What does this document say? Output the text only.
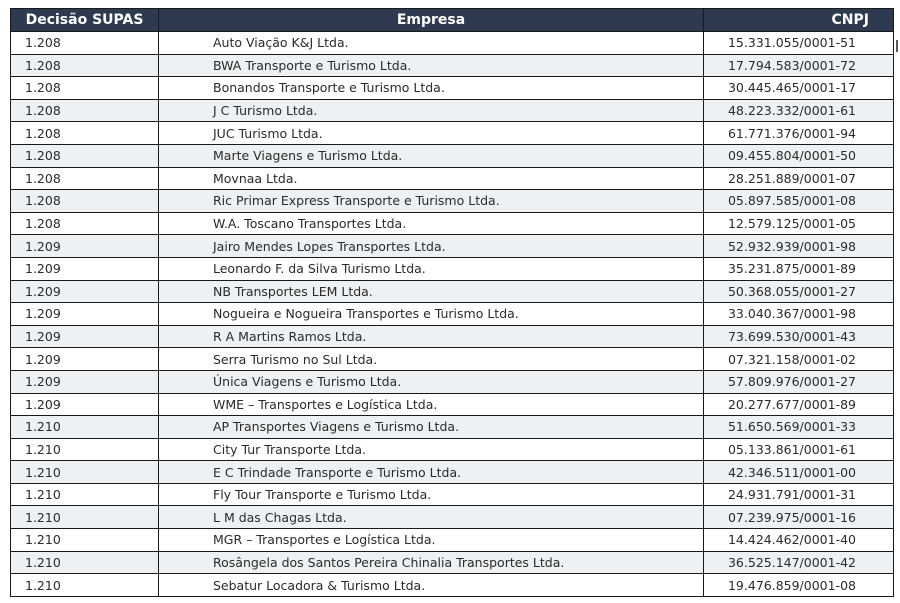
Decisão SUPAS	Empresa	CNPJ
1.208	Auto Viação K&J Ltda.	15.331.055/0001-51
1.208	BWA Transporte e Turismo Ltda.	17.794.583/0001-72
1.208	Bonandos Transporte e Turismo Ltda.	30.445.465/0001-17
1.208	J C Turismo Ltda.	48.223.332/0001-61
1.208	JUC Turismo Ltda.	61.771.376/0001-94
1.208	Marte Viagens e Turismo Ltda.	09.455.804/0001-50
1.208	Movnaa Ltda.	28.251.889/0001-07
1.208	Ric Primar Express Transporte e Turismo Ltda.	05.897.585/0001-08
1.208	W.A. Toscano Transportes Ltda.	12.579.125/0001-05
1.209	Jairo Mendes Lopes Transportes Ltda.	52.932.939/0001-98
1.209	Leonardo F. da Silva Turismo Ltda.	35.231.875/0001-89
1.209	NB Transportes LEM Ltda.	50.368.055/0001-27
1.209	Nogueira e Nogueira Transportes e Turismo Ltda.	33.040.367/0001-98
1.209	R A Martins Ramos Ltda.	73.699.530/0001-43
1.209	Serra Turismo no Sul Ltda.	07.321.158/0001-02
1.209	Única Viagens e Turismo Ltda.	57.809.976/0001-27
1.209	WME – Transportes e Logística Ltda.	20.277.677/0001-89
1.210	AP Transportes Viagens e Turismo Ltda.	51.650.569/0001-33
1.210	City Tur Transporte Ltda.	05.133.861/0001-61
1.210	E C Trindade Transporte e Turismo Ltda.	42.346.511/0001-00
1.210	Fly Tour Transporte e Turismo Ltda.	24.931.791/0001-31
1.210	L M das Chagas Ltda.	07.239.975/0001-16
1.210	MGR – Transportes e Logística Ltda.	14.424.462/0001-40
1.210	Rosângela dos Santos Pereira Chinalia Transportes Ltda.	36.525.147/0001-42
1.210	Sebatur Locadora & Turismo Ltda.	19.476.859/0001-08
